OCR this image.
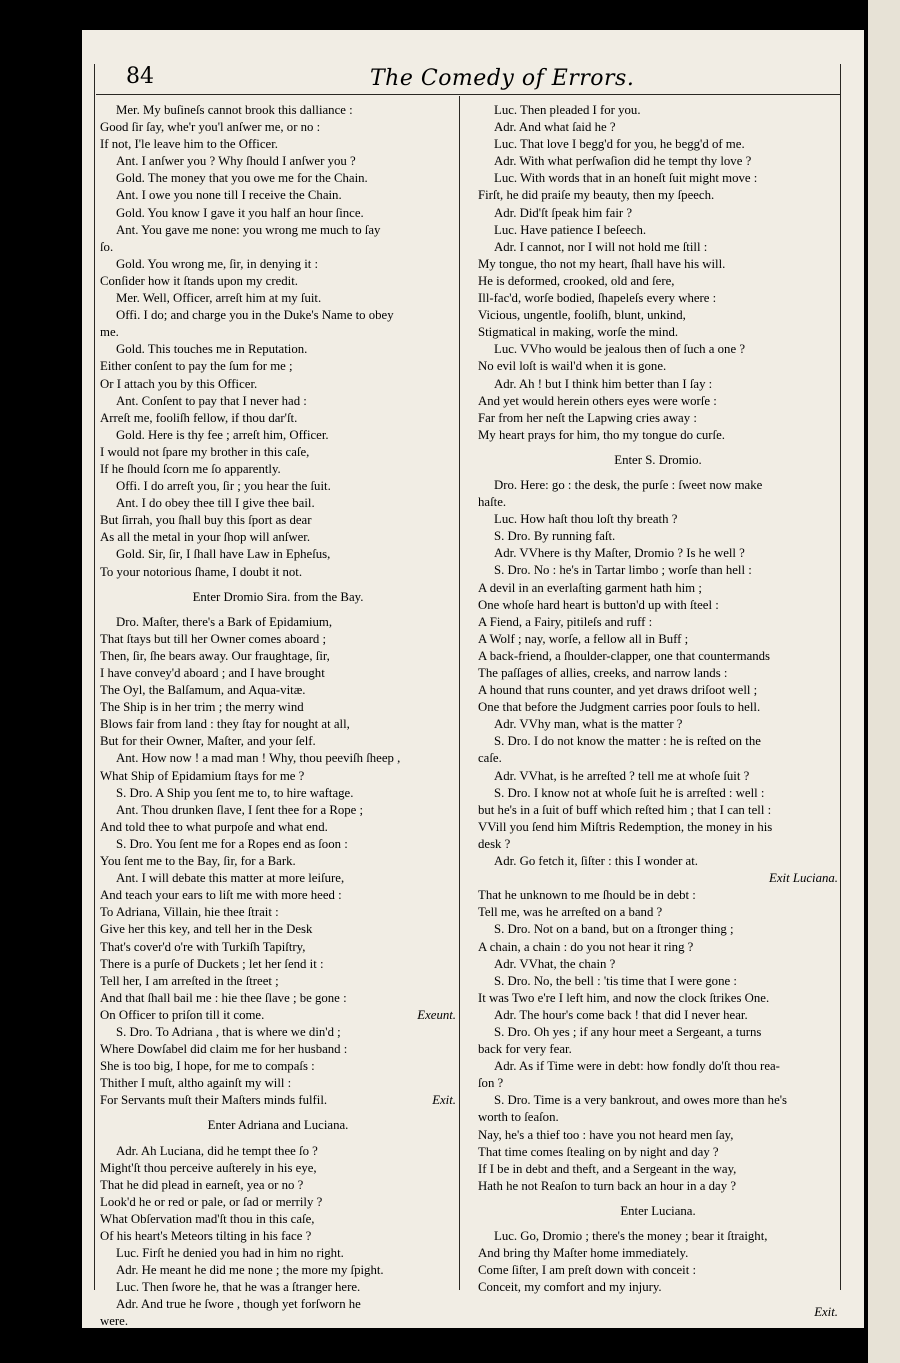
84	The Comedy of Errors.
Mer. My buſineſs cannot brook this dalliance :
Good ſir ſay, whe'r you'l anſwer me, or no :
If not, I'le leave him to the Officer.
Ant. I anſwer you ? Why ſhould I anſwer you ?
Gold. The money that you owe me for the Chain.
Ant. I owe you none till I receive the Chain.
Gold. You know I gave it you half an hour ſince.
Ant. You gave me none: you wrong me much to ſay
ſo.
Gold. You wrong me, ſir, in denying it :
Conſider how it ſtands upon my credit.
Mer. Well, Officer, arreſt him at my ſuit.
Offi. I do; and charge you in the Duke's Name to obey
me.
Gold. This touches me in Reputation.
Either conſent to pay the ſum for me ;
Or I attach you by this Officer.
Ant. Conſent to pay that I never had :
Arreſt me, fooliſh fellow, if thou dar'ſt.
Gold. Here is thy fee ; arreſt him, Officer.
I would not ſpare my brother in this caſe,
If he ſhould ſcorn me ſo apparently.
Offi. I do arreſt you, ſir ; you hear the ſuit.
Ant. I do obey thee till I give thee bail.
But ſirrah, you ſhall buy this ſport as dear
As all the metal in your ſhop will anſwer.
Gold. Sir, ſir, I ſhall have Law in Epheſus,
To your notorious ſhame, I doubt it not.
Enter Dromio Sira. from the Bay.
Dro. Maſter, there's a Bark of Epidamium,
That ſtays but till her Owner comes aboard ;
Then, ſir, ſhe bears away. Our fraughtage, ſir,
I have convey'd aboard ; and I have brought
The Oyl, the Balſamum, and Aqua-vitæ.
The Ship is in her trim ; the merry wind
Blows fair from land : they ſtay for nought at all,
But for their Owner, Maſter, and your ſelf.
Ant. How now ! a mad man ! Why, thou peeviſh ſheep ,
What Ship of Epidamium ſtays for me ?
S. Dro. A Ship you ſent me to, to hire waftage.
Ant. Thou drunken ſlave, I ſent thee for a Rope ;
And told thee to what purpoſe and what end.
S. Dro. You ſent me for a Ropes end as ſoon :
You ſent me to the Bay, ſir, for a Bark.
Ant. I will debate this matter at more leiſure,
And teach your ears to liſt me with more heed :
To Adriana, Villain, hie thee ſtrait :
Give her this key, and tell her in the Desk
That's cover'd o're with Turkiſh Tapiſtry,
There is a purſe of Duckets ; let her ſend it :
Tell her, I am arreſted in the ſtreet ;
And that ſhall bail me : hie thee ſlave ; be gone :
On Officer to priſon till it come.	Exeunt.
S. Dro. To Adriana , that is where we din'd ;
Where Dowſabel did claim me for her husband :
She is too big, I hope, for me to compaſs :
Thither I muſt, altho againſt my will :
For Servants muſt their Maſters minds fulfil.	Exit.
Enter Adriana and Luciana.
Adr. Ah Luciana, did he tempt thee ſo ?
Might'ſt thou perceive auſterely in his eye,
That he did plead in earneſt, yea or no ?
Look'd he or red or pale, or ſad or merrily ?
What Obſervation mad'ſt thou in this caſe,
Of his heart's Meteors tilting in his face ?
Luc. Firſt he denied you had in him no right.
Adr. He meant he did me none ; the more my ſpight.
Luc. Then ſwore he, that he was a ſtranger here.
Adr. And true he ſwore , though yet forſworn he
were.
Luc. Then pleaded I for you.
Adr. And what ſaid he ?
Luc. That love I begg'd for you, he begg'd of me.
Adr. With what perſwaſion did he tempt thy love ?
Luc. With words that in an honeſt ſuit might move :
Firſt, he did praiſe my beauty, then my ſpeech.
Adr. Did'ſt ſpeak him fair ?
Luc. Have patience I beſeech.
Adr. I cannot, nor I will not hold me ſtill :
My tongue, tho not my heart, ſhall have his will.
He is deformed, crooked, old and ſere,
Ill-fac'd, worſe bodied, ſhapeleſs every where :
Vicious, ungentle, fooliſh, blunt, unkind,
Stigmatical in making, worſe the mind.
Luc. VVho would be jealous then of ſuch a one ?
No evil loſt is wail'd when it is gone.
Adr. Ah ! but I think him better than I ſay :
And yet would herein others eyes were worſe :
Far from her neſt the Lapwing cries away :
My heart prays for him, tho my tongue do curſe.
Enter S. Dromio.
Dro. Here: go : the desk, the purſe : ſweet now make
haſte.
Luc. How haſt thou loſt thy breath ?
S. Dro. By running faſt.
Adr. VVhere is thy Maſter, Dromio ? Is he well ?
S. Dro. No : he's in Tartar limbo ; worſe than hell :
A devil in an everlaſting garment hath him ;
One whoſe hard heart is button'd up with ſteel :
A Fiend, a Fairy, pitileſs and ruff :
A Wolf ; nay, worſe, a fellow all in Buff ;
A back-friend, a ſhoulder-clapper, one that countermands
The paſſages of allies, creeks, and narrow lands :
A hound that runs counter, and yet draws driſoot well ;
One that before the Judgment carries poor ſouls to hell.
Adr. VVhy man, what is the matter ?
S. Dro. I do not know the matter : he is reſted on the
caſe.
Adr. VVhat, is he arreſted ? tell me at whoſe ſuit ?
S. Dro. I know not at whoſe ſuit he is arreſted : well :
but he's in a ſuit of buff which reſted him ; that I can tell :
VVill you ſend him Miſtris Redemption, the money in his
desk ?
Adr. Go fetch it, ſiſter : this I wonder at.
Exit Luciana.
That he unknown to me ſhould be in debt :
Tell me, was he arreſted on a band ?
S. Dro. Not on a band, but on a ſtronger thing ;
A chain, a chain : do you not hear it ring ?
Adr. VVhat, the chain ?
S. Dro. No, the bell : 'tis time that I were gone :
It was Two e're I left him, and now the clock ſtrikes One.
Adr. The hour's come back ! that did I never hear.
S. Dro. Oh yes ; if any hour meet a Sergeant, a turns
back for very fear.
Adr. As if Time were in debt: how fondly do'ſt thou rea-
ſon ?
S. Dro. Time is a very bankrout, and owes more than he's
worth to ſeaſon.
Nay, he's a thief too : have you not heard men ſay,
That time comes ſtealing on by night and day ?
If I be in debt and theft, and a Sergeant in the way,
Hath he not Reaſon to turn back an hour in a day ?
Enter Luciana.
Luc. Go, Dromio ; there's the money ; bear it ſtraight,
And bring thy Maſter home immediately.
Come ſiſter, I am preſt down with conceit :
Conceit, my comfort and my injury.
Exit.
Enter
